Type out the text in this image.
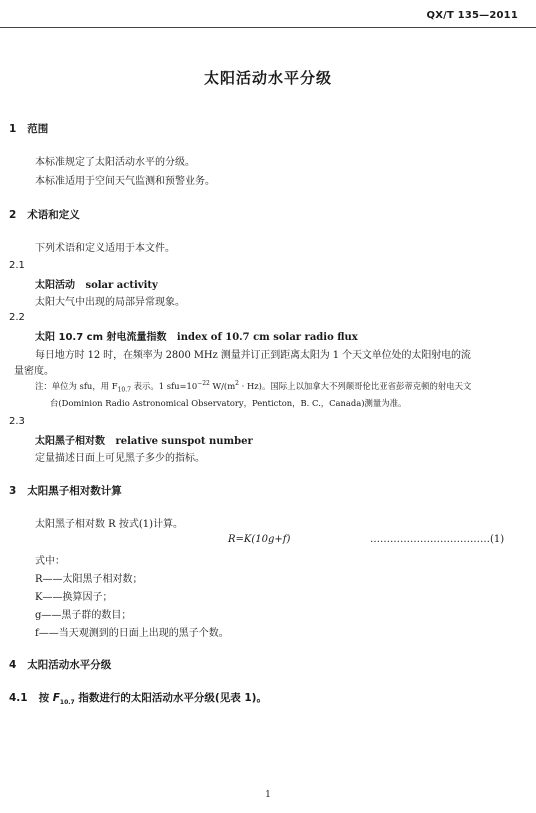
QX/T 135—2011
太阳活动水平分级
1 范围
本标准规定了太阳活动水平的分级。
本标准适用于空间天气监测和预警业务。
2 术语和定义
下列术语和定义适用于本文件。
2.1
太阳活动 solar activity
太阳大气中出现的局部异常现象。
2.2
太阳 10.7 cm 射电流量指数 index of 10.7 cm solar radio flux
每日地方时 12 时，在频率为 2800 MHz 测量并订正到距离太阳为 1 个天文单位处的太阳射电的流
量密度。
注：单位为 sfu，用 $F_{10.7}$ 表示。1 $sfu=10^{-22}$ $W/(m^2 \cdot Hz)$。国际上以加拿大不列颠哥伦比亚省彭蒂克顿的射电天文
台(Dominion Radio Astronomical Observatory，Penticton，B. C.，Canada)测量为准。
2.3
太阳黑子相对数 relative sunspot number
定量描述日面上可见黑子多少的指标。
3 太阳黑子相对数计算
太阳黑子相对数 R 按式(1)计算。
R=K(10g+f)	………………………………(1)
式中：
R——太阳黑子相对数；
K——换算因子；
g——黑子群的数目；
f——当天观测到的日面上出现的黑子个数。
4 太阳活动水平分级
4.1 按 $F_{10.7}$ 指数进行的太阳活动水平分级(见表 1)。
1
